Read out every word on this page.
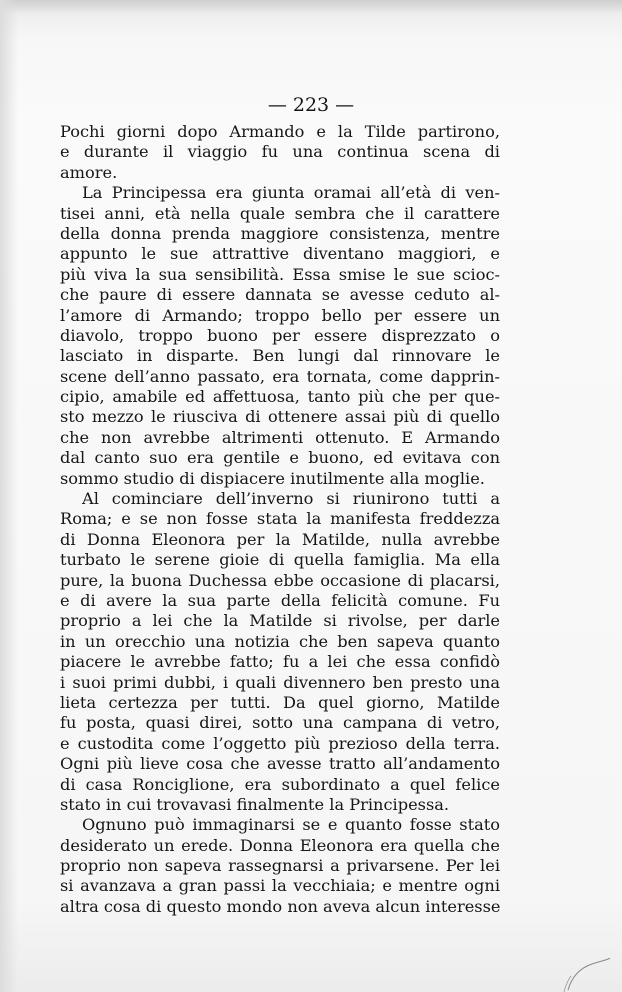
— 223 —
Pochi giorni dopo Armando e la Tilde partirono,
e durante il viaggio fu una continua scena di
amore.
La Principessa era giunta oramai all’età di ven-
tisei anni, età nella quale sembra che il carattere
della donna prenda maggiore consistenza, mentre
appunto le sue attrattive diventano maggiori, e
più viva la sua sensibilità. Essa smise le sue scioc-
che paure di essere dannata se avesse ceduto al-
l’amore di Armando; troppo bello per essere un
diavolo, troppo buono per essere disprezzato o
lasciato in disparte. Ben lungi dal rinnovare le
scene dell’anno passato, era tornata, come dapprin-
cipio, amabile ed affettuosa, tanto più che per que-
sto mezzo le riusciva di ottenere assai più di quello
che non avrebbe altrimenti ottenuto. E Armando
dal canto suo era gentile e buono, ed evitava con
sommo studio di dispiacere inutilmente alla moglie.
Al cominciare dell’inverno si riunirono tutti a
Roma; e se non fosse stata la manifesta freddezza
di Donna Eleonora per la Matilde, nulla avrebbe
turbato le serene gioie di quella famiglia. Ma ella
pure, la buona Duchessa ebbe occasione di placarsi,
e di avere la sua parte della felicità comune. Fu
proprio a lei che la Matilde si rivolse, per darle
in un orecchio una notizia che ben sapeva quanto
piacere le avrebbe fatto; fu a lei che essa confidò
i suoi primi dubbi, i quali divennero ben presto una
lieta certezza per tutti. Da quel giorno, Matilde
fu posta, quasi direi, sotto una campana di vetro,
e custodita come l’oggetto più prezioso della terra.
Ogni più lieve cosa che avesse tratto all’andamento
di casa Ronciglione, era subordinato a quel felice
stato in cui trovavasi finalmente la Principessa.
Ognuno può immaginarsi se e quanto fosse stato
desiderato un erede. Donna Eleonora era quella che
proprio non sapeva rassegnarsi a privarsene. Per lei
si avanzava a gran passi la vecchiaia; e mentre ogni
altra cosa di questo mondo non aveva alcun interesse
